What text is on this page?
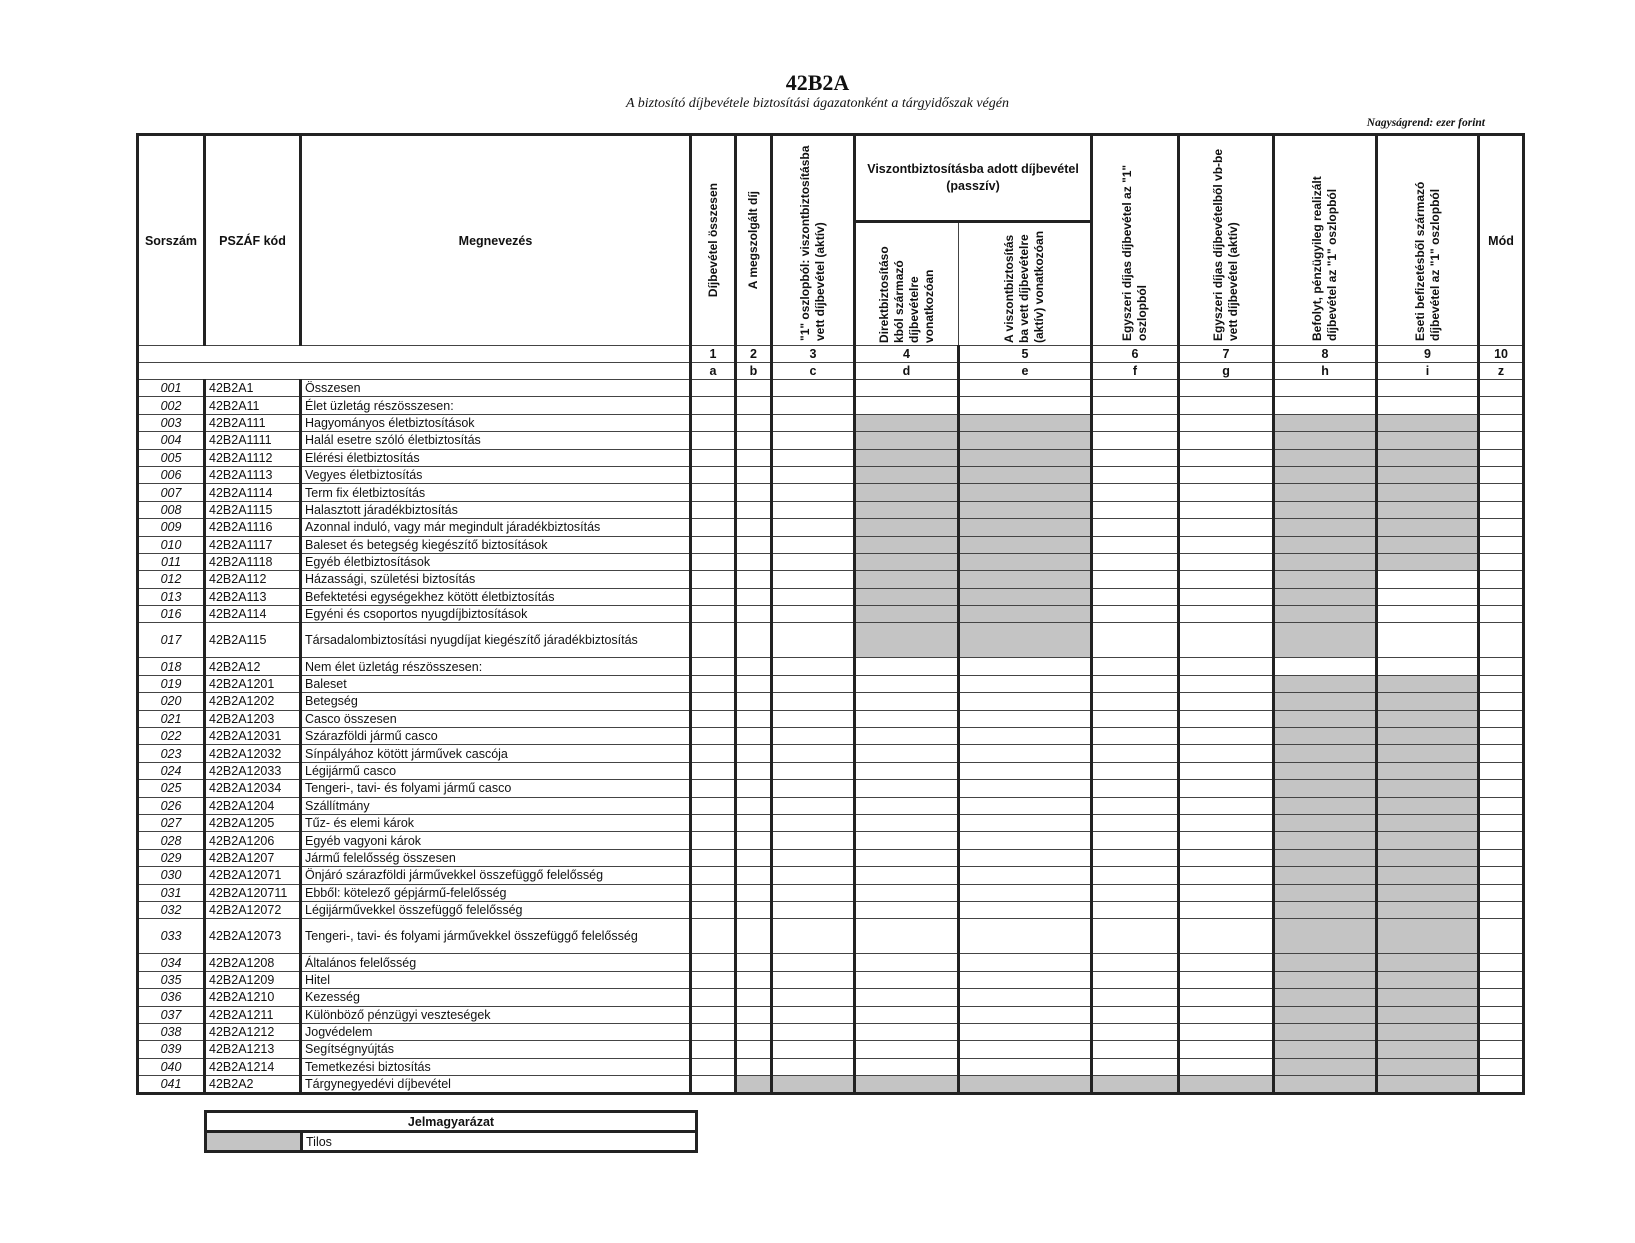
42B2A
A biztosító díjbevétele biztosítási ágazatonként a tárgyidőszak végén
Nagyságrend: ezer forint
Sorszám	PSZÁF kód	Megnevezés	Díjbevétel összesen	A megszolgált díj	"1" oszlopból: viszontbiztosításba vett díjbevétel (aktív)	Viszontbiztosításba adott díjbevétel (passzív)		Egyszeri díjas díjbevétel az "1" oszlopból	Egyszeri díjas díjbevételből vb-be vett díjbevétel (aktív)	Befolyt, pénzügyileg realizált díjbevétel az "1" oszlopból	Eseti befizetésből származó díjbevétel az "1" oszlopból	Mód

						Direktbiztosításo kból származó díjbevételre vonatkozóan	A viszontbiztosítás ba vett díjbevételre (aktív) vonatkozóan					

			1	2	3	4	5	6	7	8	9	10
			a	b	c	d	e	f	g	h	i	z
001	42B2A1	Összesen										
002	42B2A11	Élet üzletág részösszesen:										
003	42B2A111	Hagyományos életbiztosítások										
004	42B2A1111	Halál esetre szóló életbiztosítás										
005	42B2A1112	Elérési életbiztosítás										
006	42B2A1113	Vegyes életbiztosítás										
007	42B2A1114	Term fix életbiztosítás										
008	42B2A1115	Halasztott járadékbiztosítás										
009	42B2A1116	Azonnal induló, vagy már megindult járadékbiztosítás										
010	42B2A1117	Baleset és betegség kiegészítő biztosítások										
011	42B2A1118	Egyéb életbiztosítások										
012	42B2A112	Házassági, születési biztosítás										
013	42B2A113	Befektetési egységekhez kötött életbiztosítás										
016	42B2A114	Egyéni és csoportos nyugdíjbiztosítások										
017	42B2A115	Társadalombiztosítási nyugdíjat kiegészítő járadékbiztosítás										
018	42B2A12	Nem élet üzletág részösszesen:										
019	42B2A1201	Baleset										
020	42B2A1202	Betegség										
021	42B2A1203	Casco összesen										
022	42B2A12031	Szárazföldi jármű casco										
023	42B2A12032	Sínpályához kötött járművek cascója										
024	42B2A12033	Légijármű casco										
025	42B2A12034	Tengeri-, tavi- és folyami jármű casco										
026	42B2A1204	Szállítmány										
027	42B2A1205	Tűz- és elemi károk										
028	42B2A1206	Egyéb vagyoni károk										
029	42B2A1207	Jármű felelősség összesen										
030	42B2A12071	Önjáró szárazföldi járművekkel összefüggő felelősség										
031	42B2A120711	Ebből: kötelező gépjármű-felelősség										
032	42B2A12072	Légijárművekkel összefüggő felelősség										
033	42B2A12073	Tengeri-, tavi- és folyami járművekkel összefüggő felelősség										
034	42B2A1208	Általános felelősség										
035	42B2A1209	Hitel										
036	42B2A1210	Kezesség										
037	42B2A1211	Különböző pénzügyi veszteségek										
038	42B2A1212	Jogvédelem										
039	42B2A1213	Segítségnyújtás										
040	42B2A1214	Temetkezési biztosítás										
041	42B2A2	Tárgynegyedévi díjbevétel										
Jelmagyarázat
	Tilos
